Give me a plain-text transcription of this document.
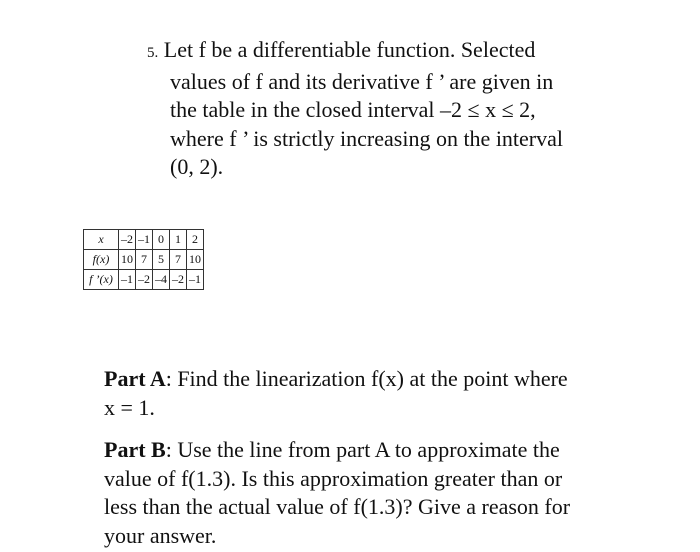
5. Let f be a differentiable function. Selected
values of f and its derivative f ’ are given in
the table in the closed interval –2 ≤ x ≤ 2,
where f ’ is strictly increasing on the interval
(0, 2).
x	–2	–1	0	1	2
f(x)	10	7	5	7	10
f ’(x)	–1	–2	–4	–2	–1
Part A: Find the linearization f(x) at the point where
x = 1.
Part B: Use the line from part A to approximate the
value of f(1.3). Is this approximation greater than or
less than the actual value of f(1.3)? Give a reason for
your answer.
